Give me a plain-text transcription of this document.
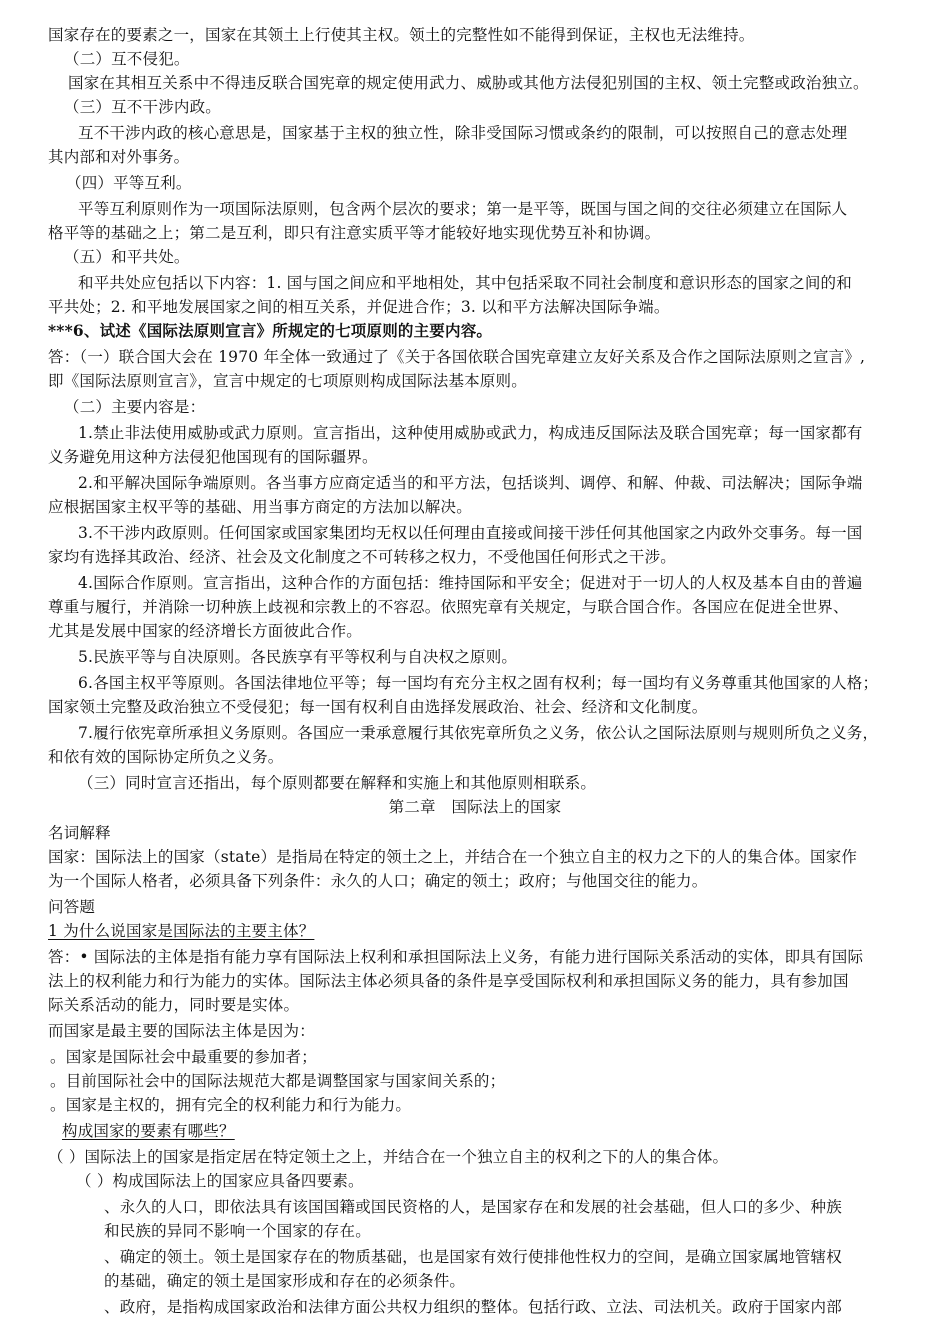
国家存在的要素之一，国家在其领土上行使其主权。领土的完整性如不能得到保证，主权也无法维持。
（二）互不侵犯。
国家在其相互关系中不得违反联合国宪章的规定使用武力、威胁或其他方法侵犯别国的主权、领土完整或政治独立。
（三）互不干涉内政。
互不干涉内政的核心意思是，国家基于主权的独立性，除非受国际习惯或条约的限制，可以按照自己的意志处理
其内部和对外事务。
（四）平等互利。
平等互利原则作为一项国际法原则，包含两个层次的要求；第一是平等，既国与国之间的交往必须建立在国际人
格平等的基础之上；第二是互利，即只有注意实质平等才能较好地实现优势互补和协调。
（五）和平共处。
和平共处应包括以下内容：1. 国与国之间应和平地相处，其中包括采取不同社会制度和意识形态的国家之间的和
平共处；2. 和平地发展国家之间的相互关系，并促进合作；3. 以和平方法解决国际争端。
***6、试述《国际法原则宣言》所规定的七项原则的主要内容。
答：（一）联合国大会在 1970 年全体一致通过了《关于各国依联合国宪章建立友好关系及合作之国际法原则之宣言》,
即《国际法原则宣言》，宣言中规定的七项原则构成国际法基本原则。
（二）主要内容是：
1.禁止非法使用威胁或武力原则。宣言指出，这种使用威胁或武力，构成违反国际法及联合国宪章；每一国家都有
义务避免用这种方法侵犯他国现有的国际疆界。
2.和平解决国际争端原则。各当事方应商定适当的和平方法，包括谈判、调停、和解、仲裁、司法解决；国际争端
应根据国家主权平等的基础、用当事方商定的方法加以解决。
3.不干涉内政原则。任何国家或国家集团均无权以任何理由直接或间接干涉任何其他国家之内政外交事务。每一国
家均有选择其政治、经济、社会及文化制度之不可转移之权力，不受他国任何形式之干涉。
4.国际合作原则。宣言指出，这种合作的方面包括：维持国际和平安全；促进对于一切人的人权及基本自由的普遍
尊重与履行，并消除一切种族上歧视和宗教上的不容忍。依照宪章有关规定，与联合国合作。各国应在促进全世界、
尤其是发展中国家的经济增长方面彼此合作。
5.民族平等与自决原则。各民族享有平等权利与自决权之原则。
6.各国主权平等原则。各国法律地位平等；每一国均有充分主权之固有权利；每一国均有义务尊重其他国家的人格；
国家领土完整及政治独立不受侵犯；每一国有权利自由选择发展政治、社会、经济和文化制度。
7.履行依宪章所承担义务原则。各国应一秉承意履行其依宪章所负之义务，依公认之国际法原则与规则所负之义务，
和依有效的国际协定所负之义务。
（三）同时宣言还指出，每个原则都要在解释和实施上和其他原则相联系。
第二章　国际法上的国家
名词解释
国家：国际法上的国家（state）是指局在特定的领土之上，并结合在一个独立自主的权力之下的人的集合体。国家作
为一个国际人格者，必须具备下列条件：永久的人口；确定的领土；政府；与他国交往的能力。
问答题
1 为什么说国家是国际法的主要主体？
答：• 国际法的主体是指有能力享有国际法上权利和承担国际法上义务，有能力进行国际关系活动的实体，即具有国际
法上的权利能力和行为能力的实体。国际法主体必须具备的条件是享受国际权利和承担国际义务的能力，具有参加国
际关系活动的能力，同时要是实体。
而国家是最主要的国际法主体是因为：
。国家是国际社会中最重要的参加者；
。目前国际社会中的国际法规范大都是调整国家与国家间关系的；
。国家是主权的，拥有完全的权利能力和行为能力。
构成国家的要素有哪些？
（ ）国际法上的国家是指定居在特定领土之上，并结合在一个独立自主的权利之下的人的集合体。
（ ）构成国际法上的国家应具备四要素。
、永久的人口，即依法具有该国国籍或国民资格的人，是国家存在和发展的社会基础，但人口的多少、种族
和民族的异同不影响一个国家的存在。
、确定的领土。领土是国家存在的物质基础，也是国家有效行使排他性权力的空间，是确立国家属地管辖权
的基础，确定的领土是国家形成和存在的必须条件。
、政府，是指构成国家政治和法律方面公共权力组织的整体。包括行政、立法、司法机关。政府于国家内部
